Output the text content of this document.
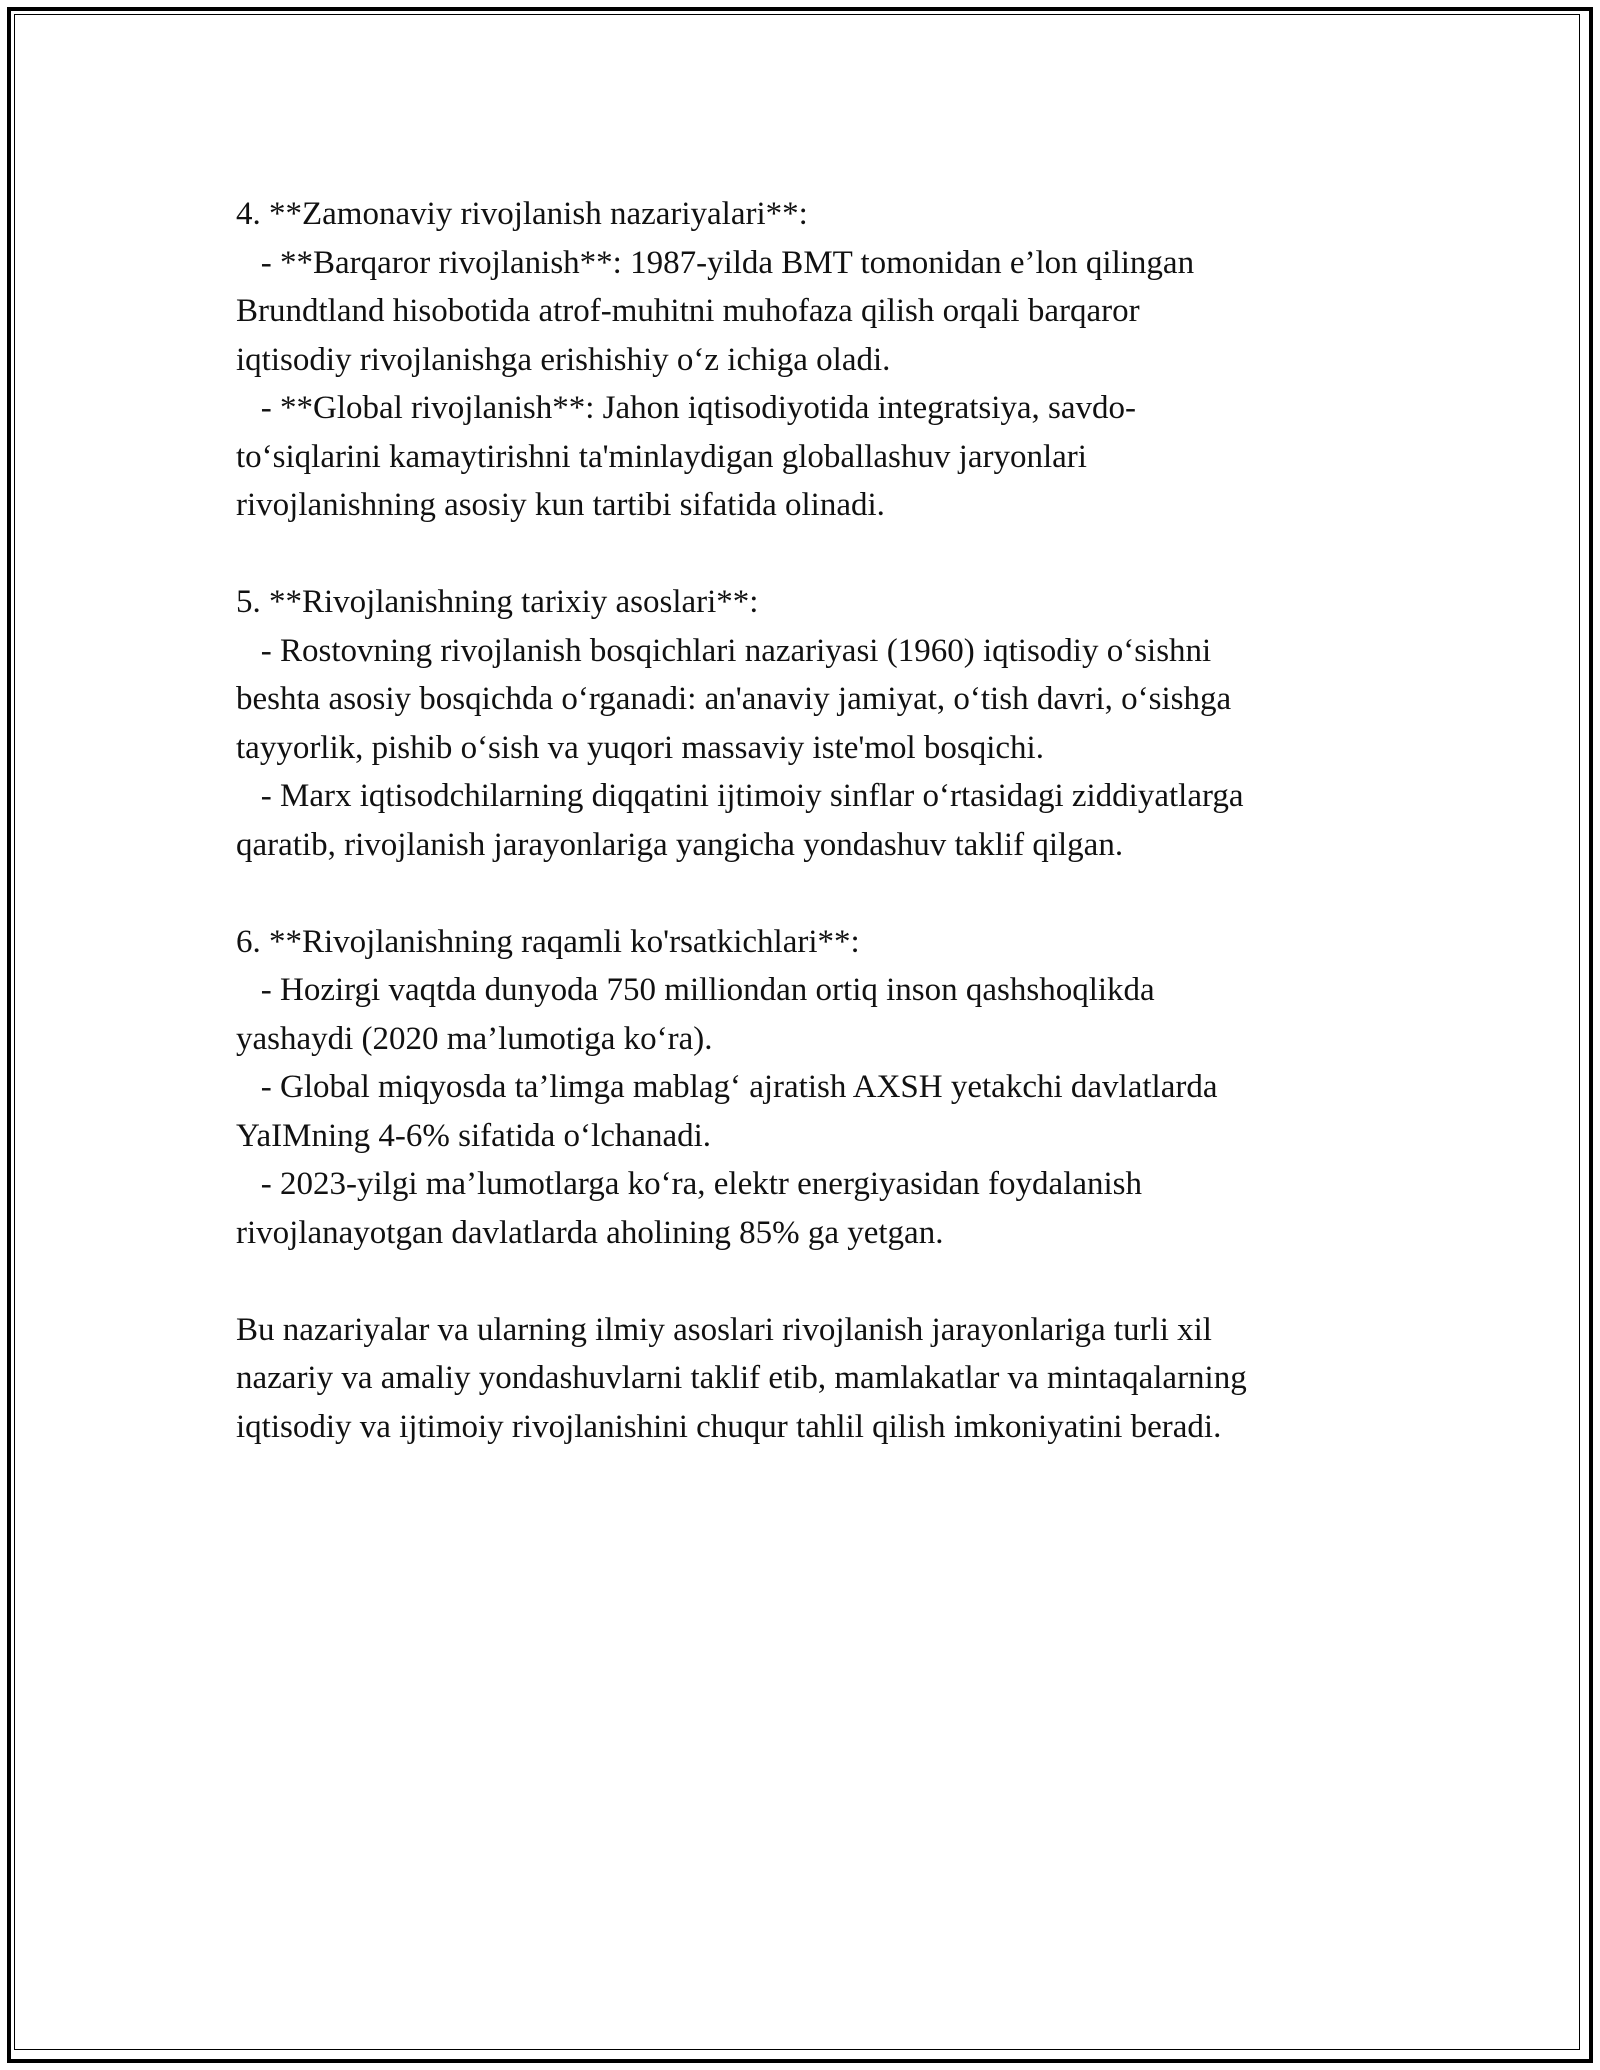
4. **Zamonaviy rivojlanish nazariyalari**:
- **Barqaror rivojlanish**: 1987-yilda BMT tomonidan e’lon qilingan
Brundtland hisobotida atrof-muhitni muhofaza qilish orqali barqaror
iqtisodiy rivojlanishga erishishiy o‘z ichiga oladi.
- **Global rivojlanish**: Jahon iqtisodiyotida integratsiya, savdo-
to‘siqlarini kamaytirishni ta'minlaydigan globallashuv jaryonlari
rivojlanishning asosiy kun tartibi sifatida olinadi.
5. **Rivojlanishning tarixiy asoslari**:
- Rostovning rivojlanish bosqichlari nazariyasi (1960) iqtisodiy o‘sishni
beshta asosiy bosqichda o‘rganadi: an'anaviy jamiyat, o‘tish davri, o‘sishga
tayyorlik, pishib o‘sish va yuqori massaviy iste'mol bosqichi.
- Marx iqtisodchilarning diqqatini ijtimoiy sinflar o‘rtasidagi ziddiyatlarga
qaratib, rivojlanish jarayonlariga yangicha yondashuv taklif qilgan.
6. **Rivojlanishning raqamli ko'rsatkichlari**:
- Hozirgi vaqtda dunyoda 750 milliondan ortiq inson qashshoqlikda
yashaydi (2020 ma’lumotiga ko‘ra).
- Global miqyosda ta’limga mablag‘ ajratish AXSH yetakchi davlatlarda
YaIMning 4-6% sifatida o‘lchanadi.
- 2023-yilgi ma’lumotlarga ko‘ra, elektr energiyasidan foydalanish
rivojlanayotgan davlatlarda aholining 85% ga yetgan.
Bu nazariyalar va ularning ilmiy asoslari rivojlanish jarayonlariga turli xil
nazariy va amaliy yondashuvlarni taklif etib, mamlakatlar va mintaqalarning
iqtisodiy va ijtimoiy rivojlanishini chuqur tahlil qilish imkoniyatini beradi.
